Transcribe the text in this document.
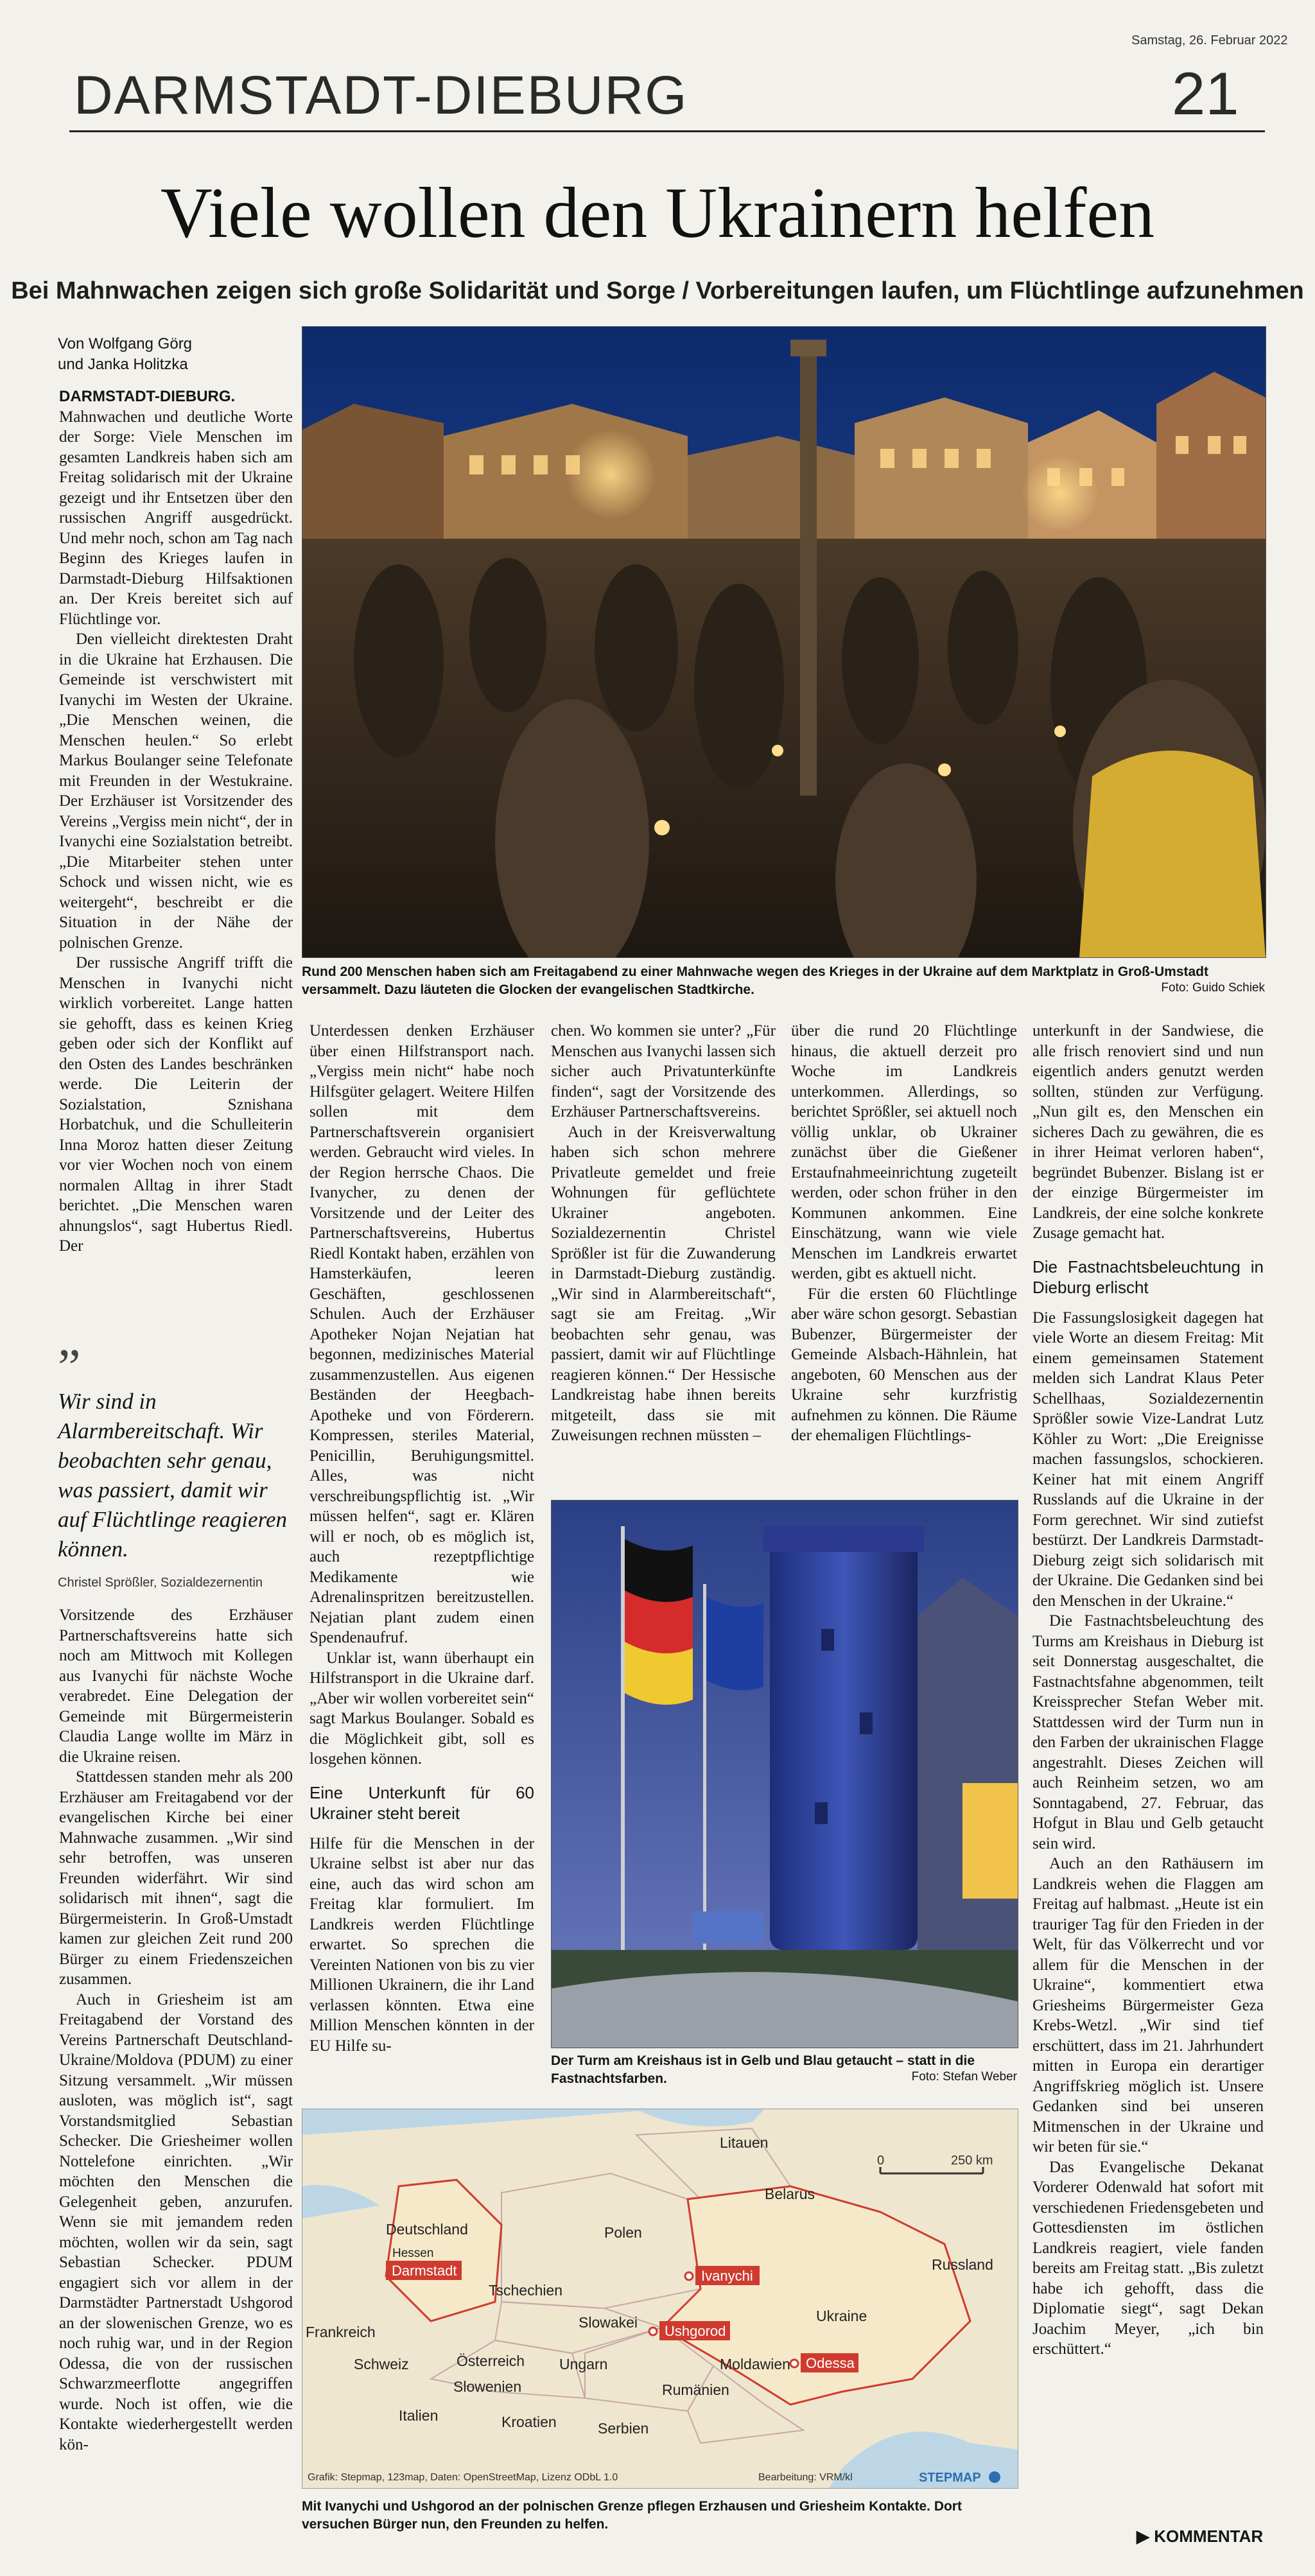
Samstag, 26. Februar 2022
DARMSTADT-DIEBURG	21
Viele wollen den Ukrainern helfen
Bei Mahnwachen zeigen sich große Solidarität und Sorge / Vorbereitungen laufen, um Flüchtlinge aufzunehmen
Von Wolfgang Görg
und Janka Holitzka

DARMSTADT-DIEBURG. Mahnwachen und deutliche Worte der Sorge: Viele Menschen im gesamten Landkreis haben sich am Freitag solidarisch mit der Ukraine gezeigt und ihr Entsetzen über den russischen Angriff ausgedrückt. Und mehr noch, schon am Tag nach Beginn des Krieges laufen in Darmstadt-Dieburg Hilfsaktionen an. Der Kreis bereitet sich auf Flüchtlinge vor.

Den vielleicht direktesten Draht in die Ukraine hat Erzhausen. Die Gemeinde ist verschwistert mit Ivanychi im Westen der Ukraine. „Die Menschen weinen, die Menschen heulen.“ So erlebt Markus Boulanger seine Telefonate mit Freunden in der Westukraine. Der Erzhäuser ist Vorsitzender des Vereins „Vergiss mein nicht“, der in Ivanychi eine Sozialstation betreibt. „Die Mitarbeiter stehen unter Schock und wissen nicht, wie es weitergeht“, beschreibt er die Situation in der Nähe der polnischen Grenze.

Der russische Angriff trifft die Menschen in Ivanychi nicht wirklich vorbereitet. Lange hatten sie gehofft, dass es keinen Krieg geben oder sich der Konflikt auf den Osten des Landes beschränken werde. Die Leiterin der Sozialstation, Sznishana Horbatchuk, und die Schulleiterin Inna Moroz hatten dieser Zeitung vor vier Wochen noch von einem normalen Alltag in ihrer Stadt berichtet. „Die Menschen waren ahnungslos“, sagt Hubertus Riedl. Der

”
Wir sind in Alarmbereitschaft. Wir beobachten sehr genau, was passiert, damit wir auf Flüchtlinge reagieren können.
Christel Sprößler, Sozialdezernentin

Vorsitzende des Erzhäuser Partnerschaftsvereins hatte sich noch am Mittwoch mit Kollegen aus Ivanychi für nächste Woche verabredet. Eine Delegation der Gemeinde mit Bürgermeisterin Claudia Lange wollte im März in die Ukraine reisen.

Stattdessen standen mehr als 200 Erzhäuser am Freitagabend vor der evangelischen Kirche bei einer Mahnwache zusammen. „Wir sind sehr betroffen, was unseren Freunden widerfährt. Wir sind solidarisch mit ihnen“, sagt die Bürgermeisterin. In Groß-Umstadt kamen zur gleichen Zeit rund 200 Bürger zu einem Friedenszeichen zusammen.

Auch in Griesheim ist am Freitagabend der Vorstand des Vereins Partnerschaft Deutschland-Ukraine/Moldova (PDUM) zu einer Sitzung versammelt. „Wir müssen ausloten, was möglich ist“, sagt Vorstandsmitglied Sebastian Schecker. Die Griesheimer wollen Nottelefone einrichten. „Wir möchten den Menschen die Gelegenheit geben, anzurufen. Wenn sie mit jemandem reden möchten, wollen wir da sein, sagt Sebastian Schecker. PDUM engagiert sich vor allem in der Darmstädter Partnerstadt Ushgorod an der slowenischen Grenze, wo es noch ruhig war, und in der Region Odessa, die von der russischen Schwarzmeerflotte angegriffen wurde. Noch ist offen, wie die Kontakte wiederhergestellt werden kön-

Rund 200 Menschen haben sich am Freitagabend zu einer Mahnwache wegen des Krieges in der Ukraine auf dem Marktplatz in Groß-Umstadt versammelt. Dazu läuteten die Glocken der evangelischen Stadtkirche.	Foto: Guido Schiek

Unterdessen denken Erzhäuser über einen Hilfstransport nach. „Vergiss mein nicht“ habe noch Hilfsgüter gelagert. Weitere Hilfen sollen mit dem Partnerschaftsverein organisiert werden. Gebraucht wird vieles. In der Region herrsche Chaos. Die Ivanycher, zu denen der Vorsitzende und der Leiter des Partnerschaftsvereins, Hubertus Riedl Kontakt haben, erzählen von Hamsterkäufen, leeren Geschäften, geschlossenen Schulen. Auch der Erzhäuser Apotheker Nojan Nejatian hat begonnen, medizinisches Material zusammenzustellen. Aus eigenen Beständen der Heegbach-Apotheke und von Förderern. Kompressen, steriles Material, Penicillin, Beruhigungsmittel. Alles, was nicht verschreibungspflichtig ist. „Wir müssen helfen“, sagt er. Klären will er noch, ob es möglich ist, auch rezeptpflichtige Medikamente wie Adrenalinspritzen bereitzustellen. Nejatian plant zudem einen Spendenaufruf.

Unklar ist, wann überhaupt ein Hilfstransport in die Ukraine darf. „Aber wir wollen vorbereitet sein“ sagt Markus Boulanger. Sobald es die Möglichkeit gibt, soll es losgehen können.

Eine Unterkunft für 60 Ukrainer steht bereit

Hilfe für die Menschen in der Ukraine selbst ist aber nur das eine, auch das wird schon am Freitag klar formuliert. Im Landkreis werden Flüchtlinge erwartet. So sprechen die Vereinten Nationen von bis zu vier Millionen Ukrainern, die ihr Land verlassen könnten. Etwa eine Million Menschen könnten in der EU Hilfe su-

chen. Wo kommen sie unter? „Für Menschen aus Ivanychi lassen sich sicher auch Privatunterkünfte finden“, sagt der Vorsitzende des Erzhäuser Partnerschaftsvereins.

Auch in der Kreisverwaltung haben sich schon mehrere Privatleute gemeldet und freie Wohnungen für geflüchtete Ukrainer angeboten. Sozialdezernentin Christel Sprößler ist für die Zuwanderung in Darmstadt-Dieburg zuständig. „Wir sind in Alarmbereitschaft“, sagt sie am Freitag. „Wir beobachten sehr genau, was passiert, damit wir auf Flüchtlinge reagieren können.“ Der Hessische Landkreistag habe ihnen bereits mitgeteilt, dass sie mit Zuweisungen rechnen müssten –

über die rund 20 Flüchtlinge hinaus, die aktuell derzeit pro Woche im Landkreis unterkommen. Allerdings, so berichtet Sprößler, sei aktuell noch völlig unklar, ob Ukrainer zunächst über die Gießener Erstaufnahmeeinrichtung zugeteilt werden, oder schon früher in den Kommunen ankommen. Eine Einschätzung, wann wie viele Menschen im Landkreis erwartet werden, gibt es aktuell nicht.

Für die ersten 60 Flüchtlinge aber wäre schon gesorgt. Sebastian Bubenzer, Bürgermeister der Gemeinde Alsbach-Hähnlein, hat angeboten, 60 Menschen aus der Ukraine sehr kurzfristig aufnehmen zu können. Die Räume der ehemaligen Flüchtlings-

Der Turm am Kreishaus ist in Gelb und Blau getaucht – statt in die Fastnachtsfarben.	Foto: Stefan Weber
Litauen
Belarus
Deutschland	Polen
Russland
Tschechien
Slowakei	Ukraine
Frankreich
Österreich
Schweiz	Ungarn	Moldawien
Slowenien	Rumänien
Italien	Kroatien	Serbien
Hessen
Darmstadt	Ivanychi
Ushgorod
Odessa
0	250 km
Grafik: Stepmap, 123map, Daten: OpenStreetMap, Lizenz ODbL 1.0	Bearbeitung: VRM/kl	STEPMAP
Mit Ivanychi und Ushgorod an der polnischen Grenze pflegen Erzhausen und Griesheim Kontakte. Dort versuchen Bürger nun, den Freunden zu helfen.

unterkunft in der Sandwiese, die alle frisch renoviert sind und nun eigentlich anders genutzt werden sollten, stünden zur Verfügung. „Nun gilt es, den Menschen ein sicheres Dach zu gewähren, die es in ihrer Heimat verloren haben“, begründet Bubenzer. Bislang ist er der einzige Bürgermeister im Landkreis, der eine solche konkrete Zusage gemacht hat.

Die Fastnachtsbeleuchtung in Dieburg erlischt

Die Fassungslosigkeit dagegen hat viele Worte an diesem Freitag: Mit einem gemeinsamen Statement melden sich Landrat Klaus Peter Schellhaas, Sozialdezernentin Sprößler sowie Vize-Landrat Lutz Köhler zu Wort: „Die Ereignisse machen fassungslos, schockieren. Keiner hat mit einem Angriff Russlands auf die Ukraine in der Form gerechnet. Wir sind zutiefst bestürzt. Der Landkreis Darmstadt-Dieburg zeigt sich solidarisch mit der Ukraine. Die Gedanken sind bei den Menschen in der Ukraine.“

Die Fastnachtsbeleuchtung des Turms am Kreishaus in Dieburg ist seit Donnerstag ausgeschaltet, die Fastnachtsfahne abgenommen, teilt Kreissprecher Stefan Weber mit. Stattdessen wird der Turm nun in den Farben der ukrainischen Flagge angestrahlt. Dieses Zeichen will auch Reinheim setzen, wo am Sonntagabend, 27. Februar, das Hofgut in Blau und Gelb getaucht sein wird.

Auch an den Rathäusern im Landkreis wehen die Flaggen am Freitag auf halbmast. „Heute ist ein trauriger Tag für den Frieden in der Welt, für das Völkerrecht und vor allem für die Menschen in der Ukraine“, kommentiert etwa Griesheims Bürgermeister Geza Krebs-Wetzl. „Wir sind tief erschüttert, dass im 21. Jahrhundert mitten in Europa ein derartiger Angriffskrieg möglich ist. Unsere Gedanken sind bei unseren Mitmenschen in der Ukraine und wir beten für sie.“

Das Evangelische Dekanat Vorderer Odenwald hat sofort mit verschiedenen Friedensgebeten und Gottesdiensten im östlichen Landkreis reagiert, viele fanden bereits am Freitag statt. „Bis zuletzt habe ich gehofft, dass die Diplomatie siegt“, sagt Dekan Joachim Meyer, „ich bin erschüttert.“

▶ KOMMENTAR
